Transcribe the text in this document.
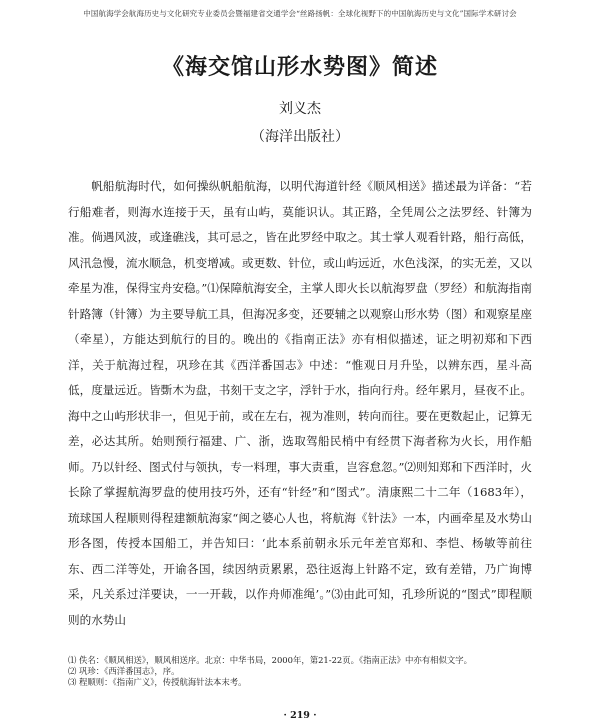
中国航海学会航海历史与文化研究专业委员会暨福建省交通学会“丝路扬帆：全球化视野下的中国航海历史与文化”国际学术研讨会
《海交馆山形水势图》简述
刘义杰
（海洋出版社）
帆船航海时代，如何操纵帆船航海，以明代海道针经《顺风相送》描述最为详备：“若行船难者，则海水连接于天，虽有山屿，莫能识认。其正路，全凭周公之法罗经、针簿为准。倘遇风波，或逢礁浅，其可忌之，皆在此罗经中取之。其士掌人观看针路，船行高低，风汛急慢，流水顺急，机变增减。或更数、针位，或山屿远近，水色浅深，的实无差，又以牵星为准，保得宝舟安稳。”⑴保障航海安全，主掌人即火长以航海罗盘（罗经）和航海指南针路簿（针簿）为主要导航工具，但海况多变，还要辅之以观察山形水势（图）和观察星座（牵星），方能达到航行的目的。晚出的《指南正法》亦有相似描述，证之明初郑和下西洋，关于航海过程，巩珍在其《西洋番国志》中述：“惟观日月升坠，以辨东西，星斗高低，度量远近。皆斲木为盘，书刻干支之字，浮针于水，指向行舟。经年累月，昼夜不止。海中之山屿形状非一，但见于前，或在左右，视为准则，转向而往。要在更数起止，记算无差，必达其所。始则预行福建、广、浙，选取驾船民梢中有经贯下海者称为火长，用作船师。乃以针经、图式付与领执，专一料理，事大责重，岂容怠忽。”⑵则知郑和下西洋时，火长除了掌握航海罗盘的使用技巧外，还有“针经”和“图式”。清康熙二十二年（1683年），琉球国人程顺则得程建额航海家“闽之婆心人也，将航海《针法》一本，内画牵星及水势山形各图，传授本国船工，并告知曰：‘此本系前朝永乐元年差官郑和、李恺、杨敏等前往东、西二洋等处，开谕各国，续因纳贡累累，恐往返海上针路不定，致有差错，乃广询博采，凡关系过洋要诀，一一开载，以作舟师准绳’。”⑶由此可知，孔珍所说的“图式”即程顺则的水势山

⑴ 佚名：《顺风相送》，顺风相送序。北京：中华书局，2000年，第21-22页。《指南正法》中亦有相似文字。

⑵ 巩珍：《西洋番国志》，序。

⑶ 程顺则：《指南广义》，传授航海针法本末考。

· 219 ·
